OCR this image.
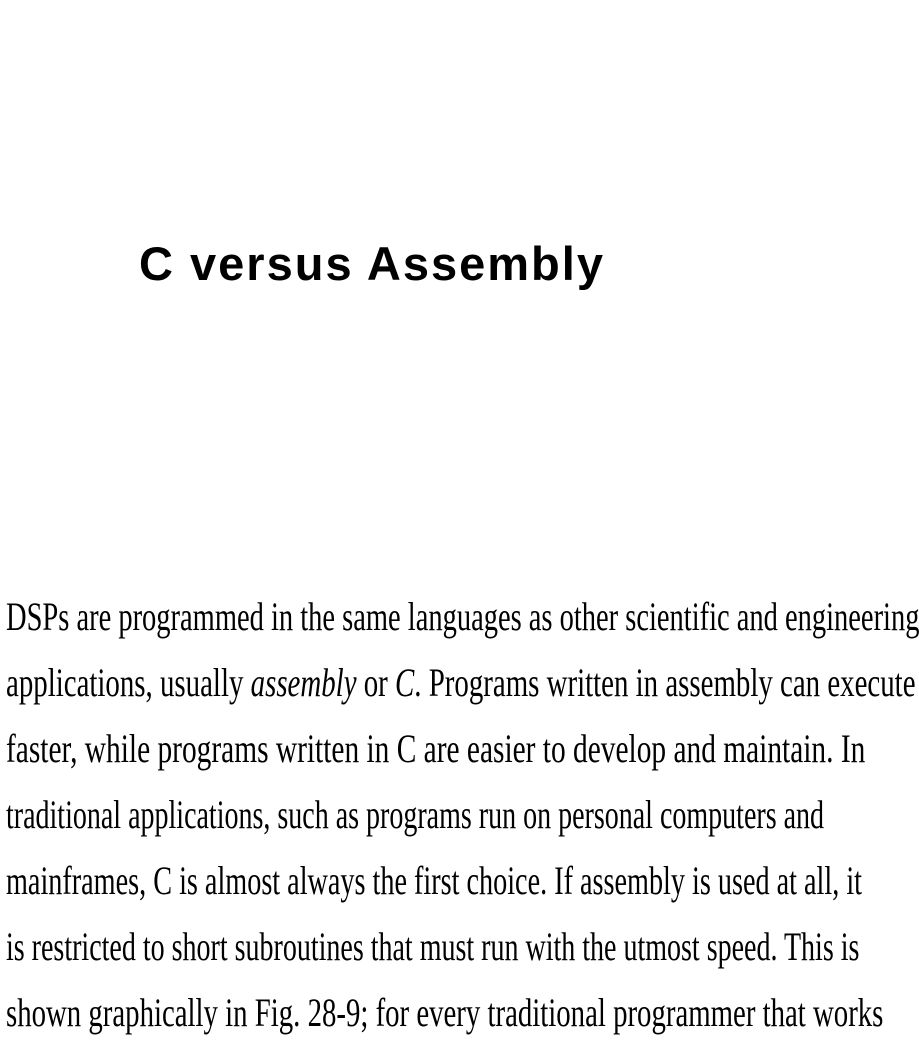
C versus Assembly
DSPs are programmed in the same languages as other scientific and engineering
applications, usually assembly or C. Programs written in assembly can execute
faster, while programs written in C are easier to develop and maintain. In
traditional applications, such as programs run on personal computers and
mainframes, C is almost always the first choice. If assembly is used at all, it
is restricted to short subroutines that must run with the utmost speed. This is
shown graphically in Fig. 28-9; for every traditional programmer that works
